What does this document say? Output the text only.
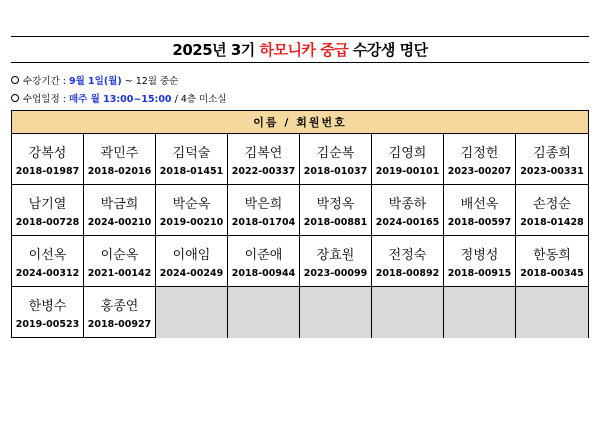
2025년 3기 하모니카 중급 수강생 명단
수강기간 : 9월 1일(월) ~ 12월 중순
수업일정 : 매주 월 13:00~15:00 / 4층 미소실
이름 / 회원번호
강복성
2018-01987
곽민주
2018-02016
김덕술
2018-01451
김복연
2022-00337
김순복
2018-01037
김영희
2019-00101
김정헌
2023-00207
김종희
2023-00331
남기열
2018-00728
박금희
2024-00210
박순옥
2019-00210
박은희
2018-01704
박정옥
2018-00881
박종하
2024-00165
배선옥
2018-00597
손정순
2018-01428
이선옥
2024-00312
이순옥
2021-00142
이애임
2024-00249
이준애
2018-00944
장효원
2023-00099
전정숙
2018-00892
정병성
2018-00915
한동희
2018-00345
한병수
2019-00523
홍종연
2018-00927
